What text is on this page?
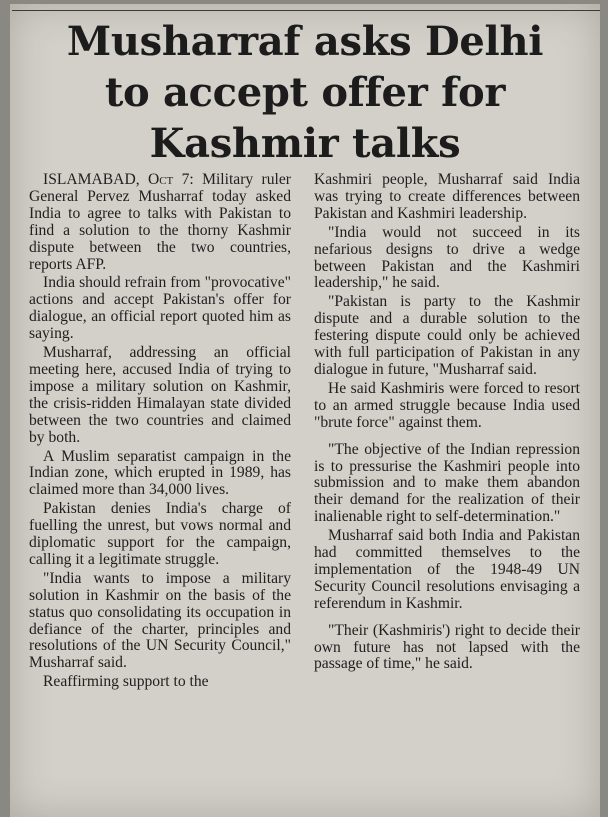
Musharraf asks Delhi
to accept offer for
Kashmir talks

ISLAMABAD, Oct 7: Military ruler General Pervez Musharraf today asked India to agree to talks with Pakistan to find a solution to the thorny Kashmir dispute between the two countries, reports AFP.

India should refrain from "provocative" actions and accept Pakistan's offer for dialogue, an official report quoted him as saying.

Musharraf, addressing an official meeting here, accused India of trying to impose a military solution on Kashmir, the crisis-ridden Himalayan state divided between the two countries and claimed by both.

A Muslim separatist campaign in the Indian zone, which erupted in 1989, has claimed more than 34,000 lives.

Pakistan denies India's charge of fuelling the unrest, but vows normal and diplomatic support for the campaign, calling it a legitimate struggle.

"India wants to impose a military solution in Kashmir on the basis of the status quo consolidating its occupation in defiance of the charter, principles and resolutions of the UN Security Council," Musharraf said.

Reaffirming support to the

Kashmiri people, Musharraf said India was trying to create differences between Pakistan and Kashmiri leadership.

"India would not succeed in its nefarious designs to drive a wedge between Pakistan and the Kashmiri leadership," he said.

"Pakistan is party to the Kashmir dispute and a durable solution to the festering dispute could only be achieved with full participation of Pakistan in any dialogue in future, "Musharraf said.

He said Kashmiris were forced to resort to an armed struggle because India used "brute force" against them.

"The objective of the Indian repression is to pressurise the Kashmiri people into submission and to make them abandon their demand for the realization of their inalienable right to self-determination."

Musharraf said both India and Pakistan had committed themselves to the implementation of the 1948-49 UN Security Council resolutions envisaging a referendum in Kashmir.

"Their (Kashmiris') right to decide their own future has not lapsed with the passage of time," he said.
